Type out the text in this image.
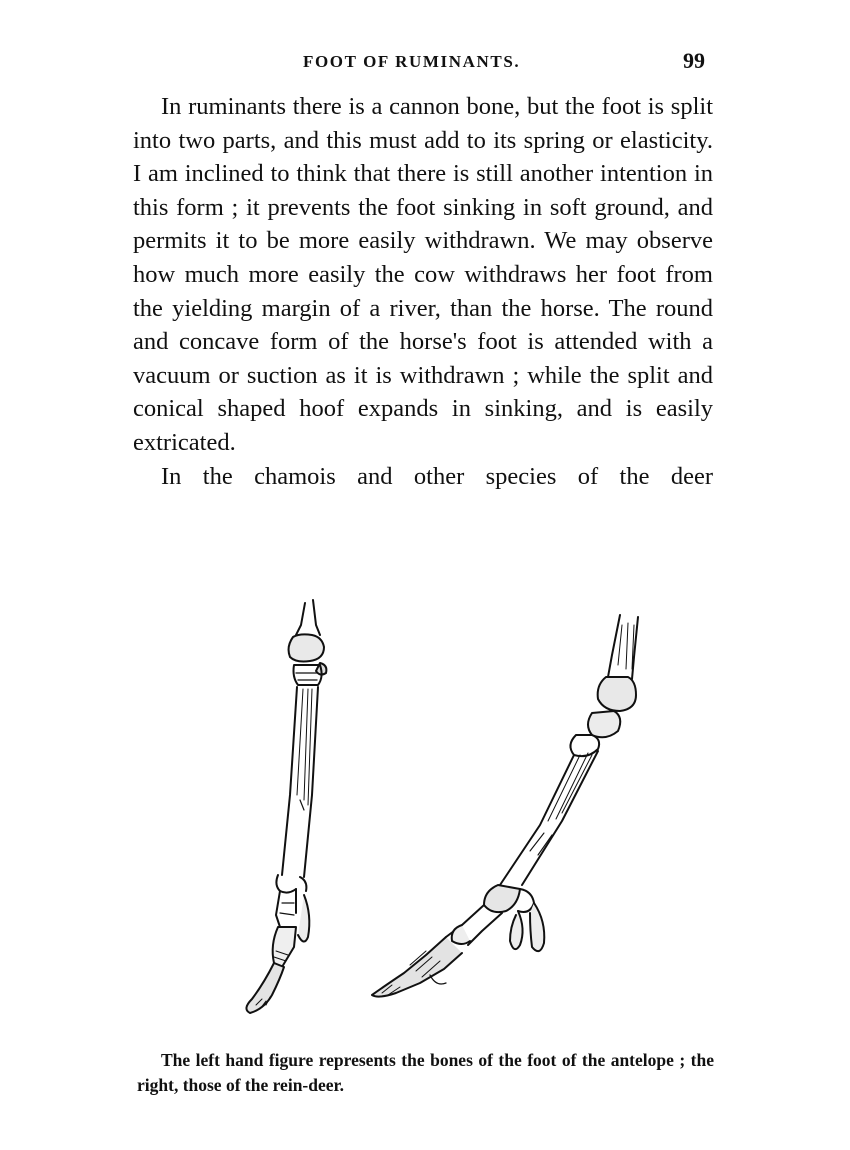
FOOT OF RUMINANTS.	99

In ruminants there is a cannon bone, but the foot is split into two parts, and this must add to its spring or elasticity. I am inclined to think that there is still another intention in this form ; it prevents the foot sinking in soft ground, and permits it to be more easily withdrawn. We may observe how much more easily the cow withdraws her foot from the yielding margin of a river, than the horse. The round and concave form of the horse's foot is attended with a vacuum or suction as it is withdrawn ; while the split and conical shaped hoof expands in sinking, and is easily extricated.

In the chamois and other species of the deer

The left hand figure represents the bones of the foot of the antelope ; the right, those of the rein-deer.
